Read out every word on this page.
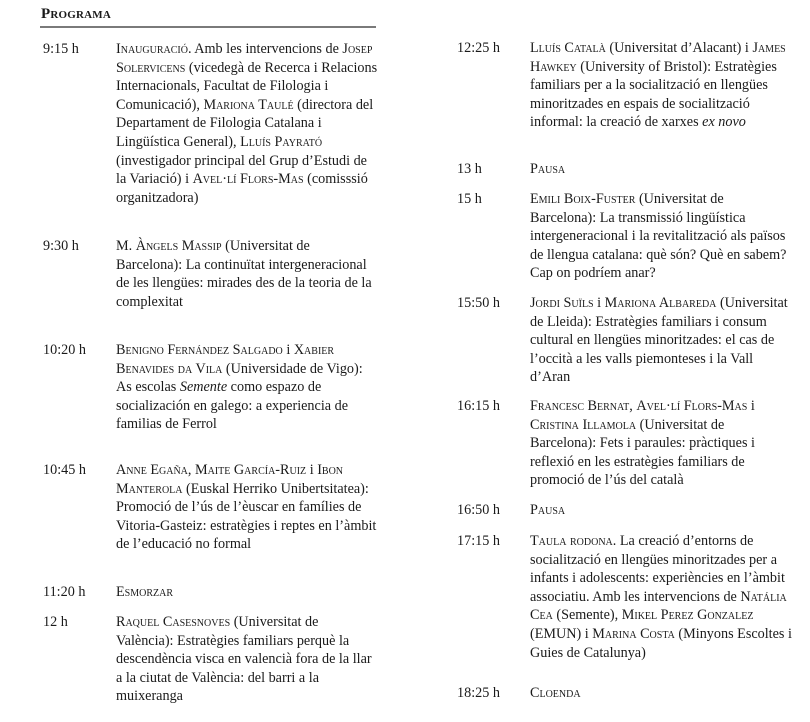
Programa
9:15 h	Inauguració. Amb les intervencions de Josep Solervicens (vicedegà de Recerca i Relacions Internacionals, Facultat de Filologia i Comunicació), Mariona Taulé (directora del Departament de Filologia Catalana i Lingüística General), Lluís Payrató (investigador principal del Grup d’Estudi de la Variació) i Avel·lí Flors-Mas (comisssió organitzadora)
9:30 h	M. Àngels Massip (Universitat de Barcelona): La continuïtat intergeneracional de les llengües: mirades des de la teoria de la complexitat
10:20 h	Benigno Fernández Salgado i Xabier Benavides da Vila (Universidade de Vigo): As escolas Semente como espazo de socialización en galego: a experiencia de familias de Ferrol
10:45 h	Anne Egaña, Maite García-Ruiz i Ibon Manterola (Euskal Herriko Unibertsitatea): Promoció de l’ús de l’èuscar en famílies de Vitoria-Gasteiz: estratègies i reptes en l’àmbit de l’educació no formal
11:20 h	Esmorzar
12 h	Raquel Casesnoves (Universitat de València): Estratègies familiars perquè la descendència visca en valencià fora de la llar a la ciutat de València: del barri a la muixeranga
12:25 h	Lluís Català (Universitat d’Alacant) i James Hawkey (University of Bristol): Estratègies familiars per a la socialització en llengües minoritzades en espais de socialització informal: la creació de xarxes ex novo
13 h	Pausa
15 h	Emili Boix-Fuster (Universitat de Barcelona): La transmissió lingüística intergeneracional i la revitalització als països de llengua catalana: què són? Què en sabem? Cap on podríem anar?
15:50 h	Jordi Suïls i Mariona Albareda (Universitat de Lleida): Estratègies familiars i consum cultural en llengües minoritzades: el cas de l’occità a les valls piemonteses i la Vall d’Aran
16:15 h	Francesc Bernat, Avel·lí Flors-Mas i Cristina Illamola (Universitat de Barcelona): Fets i paraules: pràctiques i reflexió en les estratègies familiars de promoció de l’ús del català
16:50 h	Pausa
17:15 h	Taula rodona. La creació d’entorns de socialització en llengües minoritzades per a infants i adolescents: experiències en l’àmbit associatiu. Amb les intervencions de Natália Cea (Semente), Mikel Perez Gonzalez (EMUN) i Marina Costa (Minyons Escoltes i Guies de Catalunya)
18:25 h	Cloenda
